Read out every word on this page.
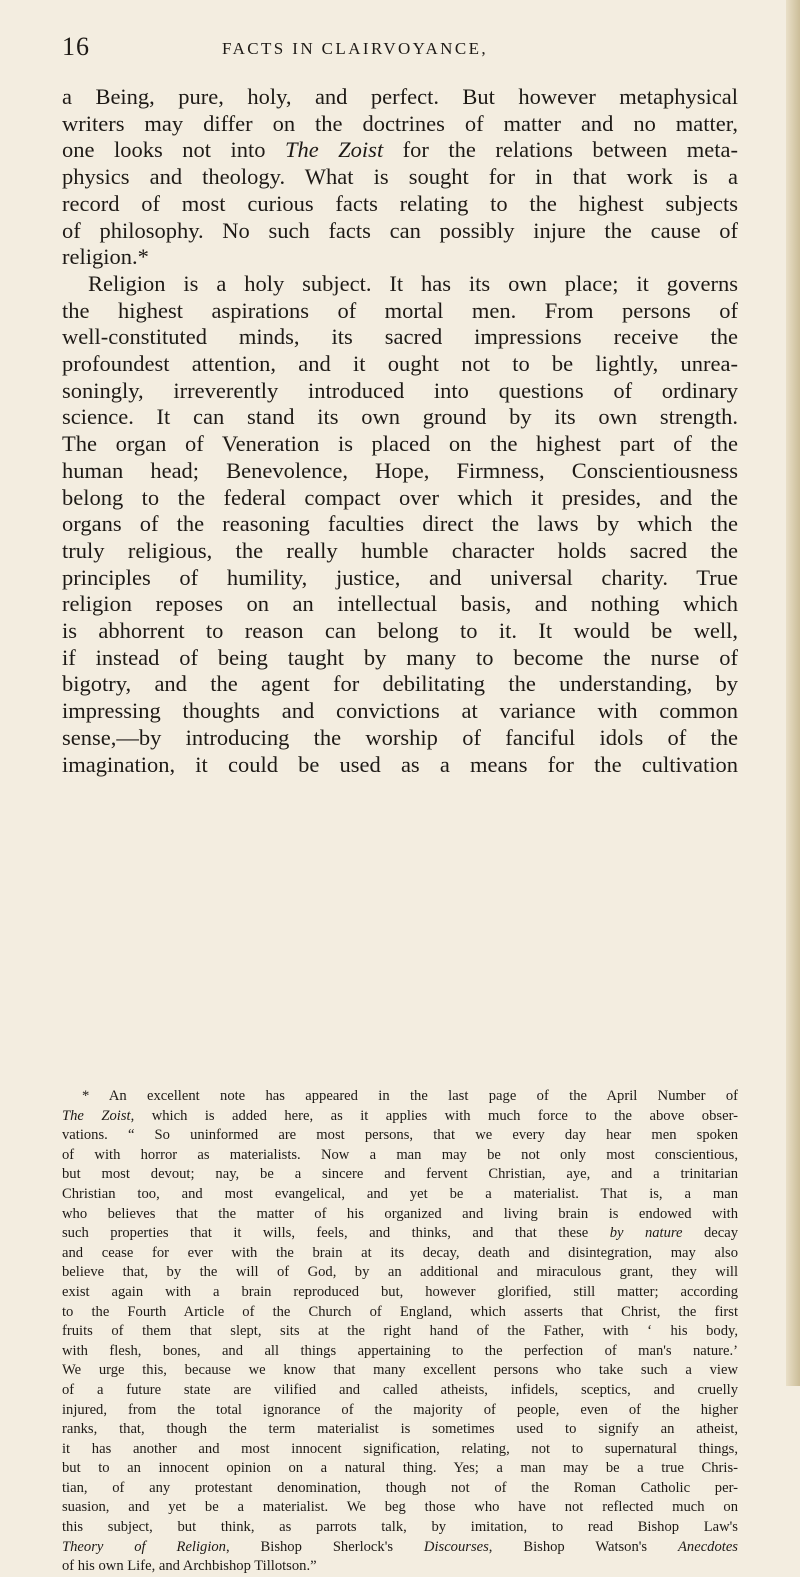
16	FACTS IN CLAIRVOYANCE,
a Being, pure, holy, and perfect. But however metaphysical
writers may differ on the doctrines of matter and no matter,
one looks not into The Zoist for the relations between meta-
physics and theology. What is sought for in that work is a
record of most curious facts relating to the highest subjects
of philosophy. No such facts can possibly injure the cause of
religion.*
Religion is a holy subject. It has its own place; it governs
the highest aspirations of mortal men. From persons of
well-constituted minds, its sacred impressions receive the
profoundest attention, and it ought not to be lightly, unrea-
soningly, irreverently introduced into questions of ordinary
science. It can stand its own ground by its own strength.
The organ of Veneration is placed on the highest part of the
human head; Benevolence, Hope, Firmness, Conscientiousness
belong to the federal compact over which it presides, and the
organs of the reasoning faculties direct the laws by which the
truly religious, the really humble character holds sacred the
principles of humility, justice, and universal charity. True
religion reposes on an intellectual basis, and nothing which
is abhorrent to reason can belong to it. It would be well,
if instead of being taught by many to become the nurse of
bigotry, and the agent for debilitating the understanding, by
impressing thoughts and convictions at variance with common
sense,—by introducing the worship of fanciful idols of the
imagination, it could be used as a means for the cultivation
* An excellent note has appeared in the last page of the April Number of
The Zoist, which is added here, as it applies with much force to the above obser-
vations. “ So uninformed are most persons, that we every day hear men spoken
of with horror as materialists. Now a man may be not only most conscientious,
but most devout; nay, be a sincere and fervent Christian, aye, and a trinitarian
Christian too, and most evangelical, and yet be a materialist. That is, a man
who believes that the matter of his organized and living brain is endowed with
such properties that it wills, feels, and thinks, and that these by nature decay
and cease for ever with the brain at its decay, death and disintegration, may also
believe that, by the will of God, by an additional and miraculous grant, they will
exist again with a brain reproduced but, however glorified, still matter; according
to the Fourth Article of the Church of England, which asserts that Christ, the first
fruits of them that slept, sits at the right hand of the Father, with ‘ his body,
with flesh, bones, and all things appertaining to the perfection of man's nature.’
We urge this, because we know that many excellent persons who take such a view
of a future state are vilified and called atheists, infidels, sceptics, and cruelly
injured, from the total ignorance of the majority of people, even of the higher
ranks, that, though the term materialist is sometimes used to signify an atheist,
it has another and most innocent signification, relating, not to supernatural things,
but to an innocent opinion on a natural thing. Yes; a man may be a true Chris-
tian, of any protestant denomination, though not of the Roman Catholic per-
suasion, and yet be a materialist. We beg those who have not reflected much on
this subject, but think, as parrots talk, by imitation, to read Bishop Law's
Theory of Religion, Bishop Sherlock's Discourses, Bishop Watson's Anecdotes
of his own Life, and Archbishop Tillotson.”
